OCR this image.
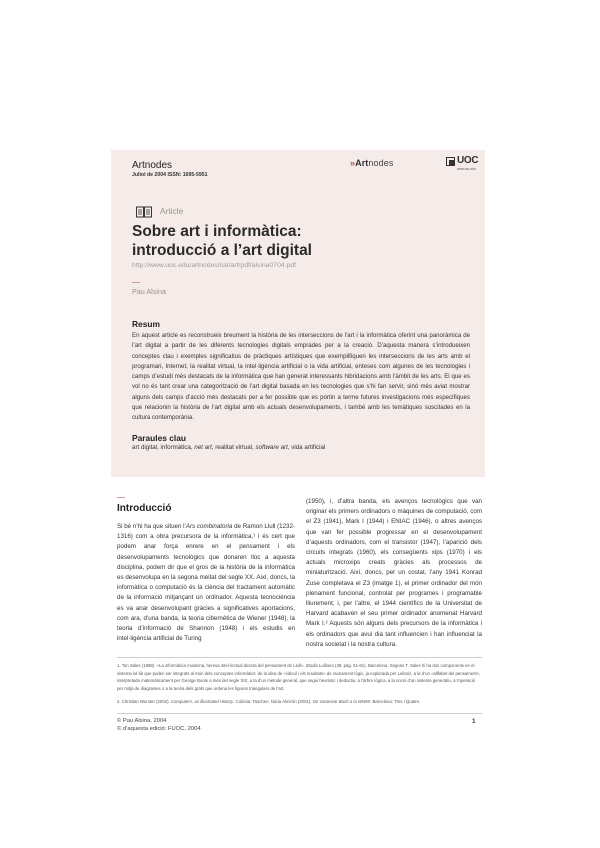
Artnodes
Juliol de 2004 ISSN: 1695-5951
»Artnodes	UOC
www.uoc.edu
Article
Sobre art i informàtica:
introducció a l’art digital
http://www.uoc.edu/artnodes/cat/art/pdf/alsina0704.pdf
Pau Alsina
Resum

En aquest article es reconstrueix breument la història de les interseccions de l’art i la informàtica oferint una panoràmica de l’art digital a partir de les diferents tecnologies digitals emprades per a la creació. D’aquesta manera s’introdueixen conceptes clau i exemples significatius de pràctiques artístiques que exemplifiquen les interseccions de les arts amb el programari, Internet, la realitat virtual, la intel·ligència artificial o la vida artificial, enteses com algunes de les tecnologies i camps d’estudi més destacats de la informàtica que han generat interessants hibridacions amb l’àmbit de les arts. El que es vol no és tant crear una categorització de l’art digital basada en les tecnologies que s’hi fan servir, sinó més aviat mostrar alguns dels camps d’acció més destacats per a fer possible que es portin a terme futures investigacions més específiques que relacionin la història de l’art digital amb els actuals desenvolupaments, i també amb les temàtiques suscitades en la cultura contemporània.

Paraules clau
art digital, informàtica, net art, realitat virtual, software art, vida artificial
Introducció

Si bé n’hi ha que situen l’Ars combinatoria de Ramon Llull (1232-1316) com a obra precursora de la informàtica,¹ i és cert que podem anar força enrere en el pensament i els desenvolupaments tecnològics que donaren lloc a aquesta disciplina, podem dir que el gros de la història de la informàtica es desenvolupa en la segona meitat del segle XX. Així, doncs, la informàtica o computació és la ciència del tractament automàtic de la informació mitjançant un ordinador. Aquesta tecnociència es va anar desenvolupant gràcies a significatives aportacions, com ara, d’una banda, la teoria cibernètica de Wiener (1948), la teoria d’informació de Shannon (1948) i els estudis en intel·ligència artificial de Turing

(1950), i, d’altra banda, els avenços tecnològics que van originar els primers ordinadors o màquines de computació, com el Z3 (1941), Mark I (1944) i ENIAC (1946), o altres avenços que van fer possible progressar en el desenvolupament d’aquests ordinadors, com el transistor (1947), l’aparició dels circuits integrats (1960), els consegüents xips (1970) i els actuals microxips creats gràcies als processos de miniaturització. Així, doncs, per un costat, l’any 1941 Konrad Zuse completava el Z3 (imatge 1), el primer ordinador del món plenament funcional, controlat per programes i programable lliurement, i, per l’altre, el 1944 científics de la Universitat de Harvard acabaven el seu primer ordinador anomenat Harvard Mark I.² Aquests són alguns dels precursors de la informàtica i els ordinadors que avui dia tant influencien i han influenciat la nostra societat i la nostra cultura.

1. Ton Sales (1998). «La informàtica moderna, hereva intel·lectual directa del pensament de Llull». Studia Lulliana (38, pàg. 51-61). Barcelona. Segons T. Sales hi ha dos components en el sistema lul·lià que poden ser integrats al món dels conceptes informàtics: de la idea de «càlcul i els resultats» de raonament lògic, ja explorada per Leibniz, a la d’un «allfabet del pensament», interpretada matemàticament per George Boole a més del segle XIX, a la d’un mètode general, que segui heurístic i deductiu, a l’àrbre lògica, a la noció d’un sistema generatiu, a l’operació per mitjà de diagrames o a la teoria dels grafs que ordena les figures triangulars de l’art.

2. Christian Wurster (2002). Computers, an illustrated History. Colònia: Taschen. Núria Almirón (2001). De Vannevar Bush a la WWW. Barcelona: Tres i Quatre.

© Pau Alsina, 2004
© d’aquesta edició: FUOC, 2004
1
